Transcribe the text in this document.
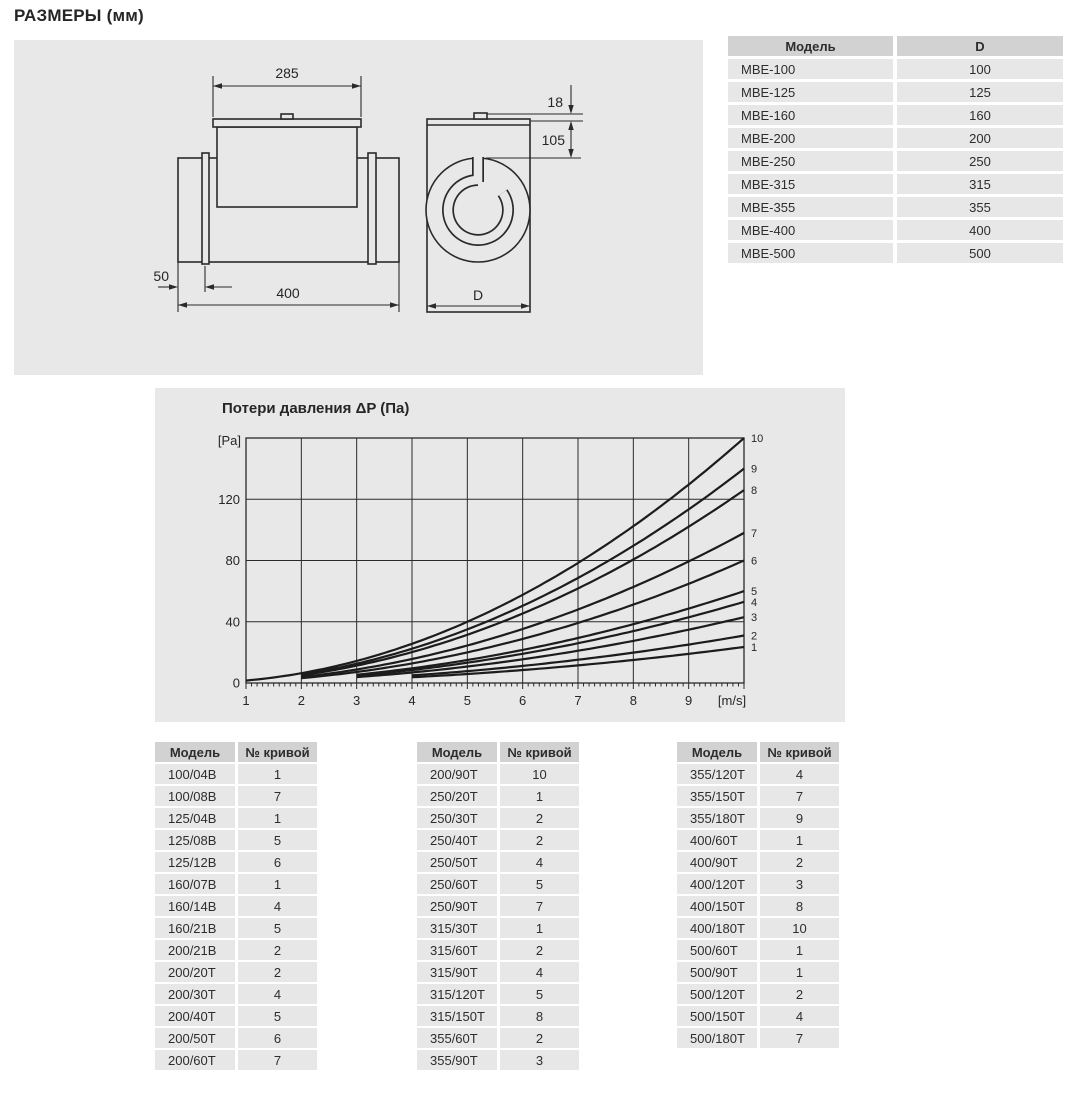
РАЗМЕРЫ (мм)
285
400
50
18
105
D
Модель	D
МВЕ-100	100
МВЕ-125	125
МВЕ-160	160
МВЕ-200	200
МВЕ-250	250
МВЕ-315	315
МВЕ-355	355
МВЕ-400	400
МВЕ-500	500
Потери давления ΔP (Па)
1
2
3
4
5
6
7
8
9
10
[Pa]
0
40
80
120
1	2	3	4	5	6	7	8	9 [m/s]
Модель	№ кривой
100/04В	1
100/08В	7
125/04В	1
125/08В	5
125/12В	6
160/07В	1
160/14В	4
160/21В	5
200/21В	2
200/20Т	2
200/30Т	4
200/40Т	5
200/50Т	6
200/60Т	7
Модель	№ кривой
200/90Т	10
250/20Т	1
250/30Т	2
250/40Т	2
250/50Т	4
250/60Т	5
250/90Т	7
315/30Т	1
315/60Т	2
315/90Т	4
315/120Т	5
315/150Т	8
355/60Т	2
355/90Т	3
Модель	№ кривой
355/120Т	4
355/150Т	7
355/180Т	9
400/60Т	1
400/90Т	2
400/120Т	3
400/150Т	8
400/180Т	10
500/60Т	1
500/90Т	1
500/120Т	2
500/150Т	4
500/180Т	7
